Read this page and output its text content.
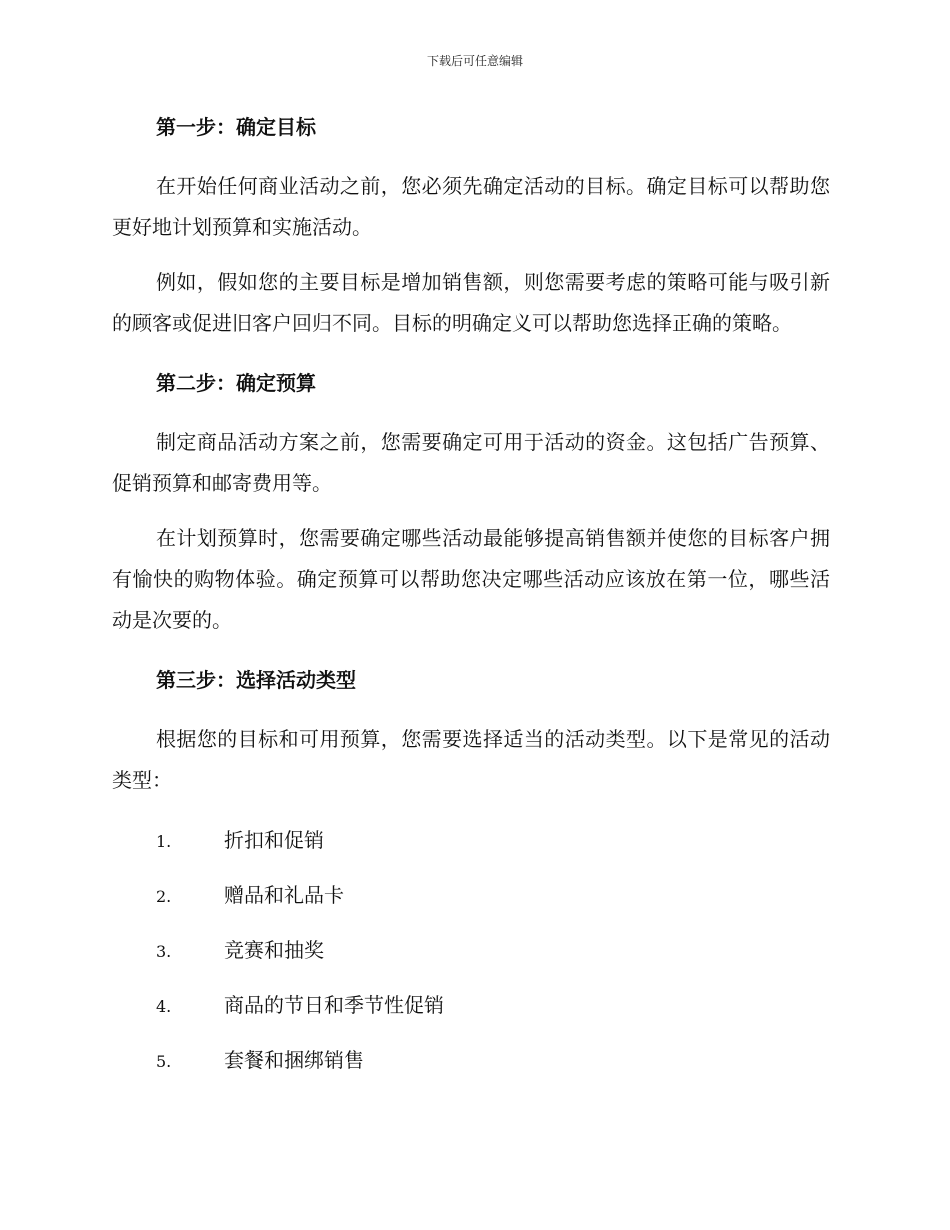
下载后可任意编辑
第一步：确定目标

在开始任何商业活动之前，您必须先确定活动的目标。确定目标可以帮助您更好地计划预算和实施活动。

例如，假如您的主要目标是增加销售额，则您需要考虑的策略可能与吸引新的顾客或促进旧客户回归不同。目标的明确定义可以帮助您选择正确的策略。

第二步：确定预算

制定商品活动方案之前，您需要确定可用于活动的资金。这包括广告预算、促销预算和邮寄费用等。

在计划预算时，您需要确定哪些活动最能够提高销售额并使您的目标客户拥有愉快的购物体验。确定预算可以帮助您决定哪些活动应该放在第一位，哪些活动是次要的。

第三步：选择活动类型

根据您的目标和可用预算，您需要选择适当的活动类型。以下是常见的活动类型：

1.	折扣和促销
2.	赠品和礼品卡
3.	竞赛和抽奖
4.	商品的节日和季节性促销
5.	套餐和捆绑销售
